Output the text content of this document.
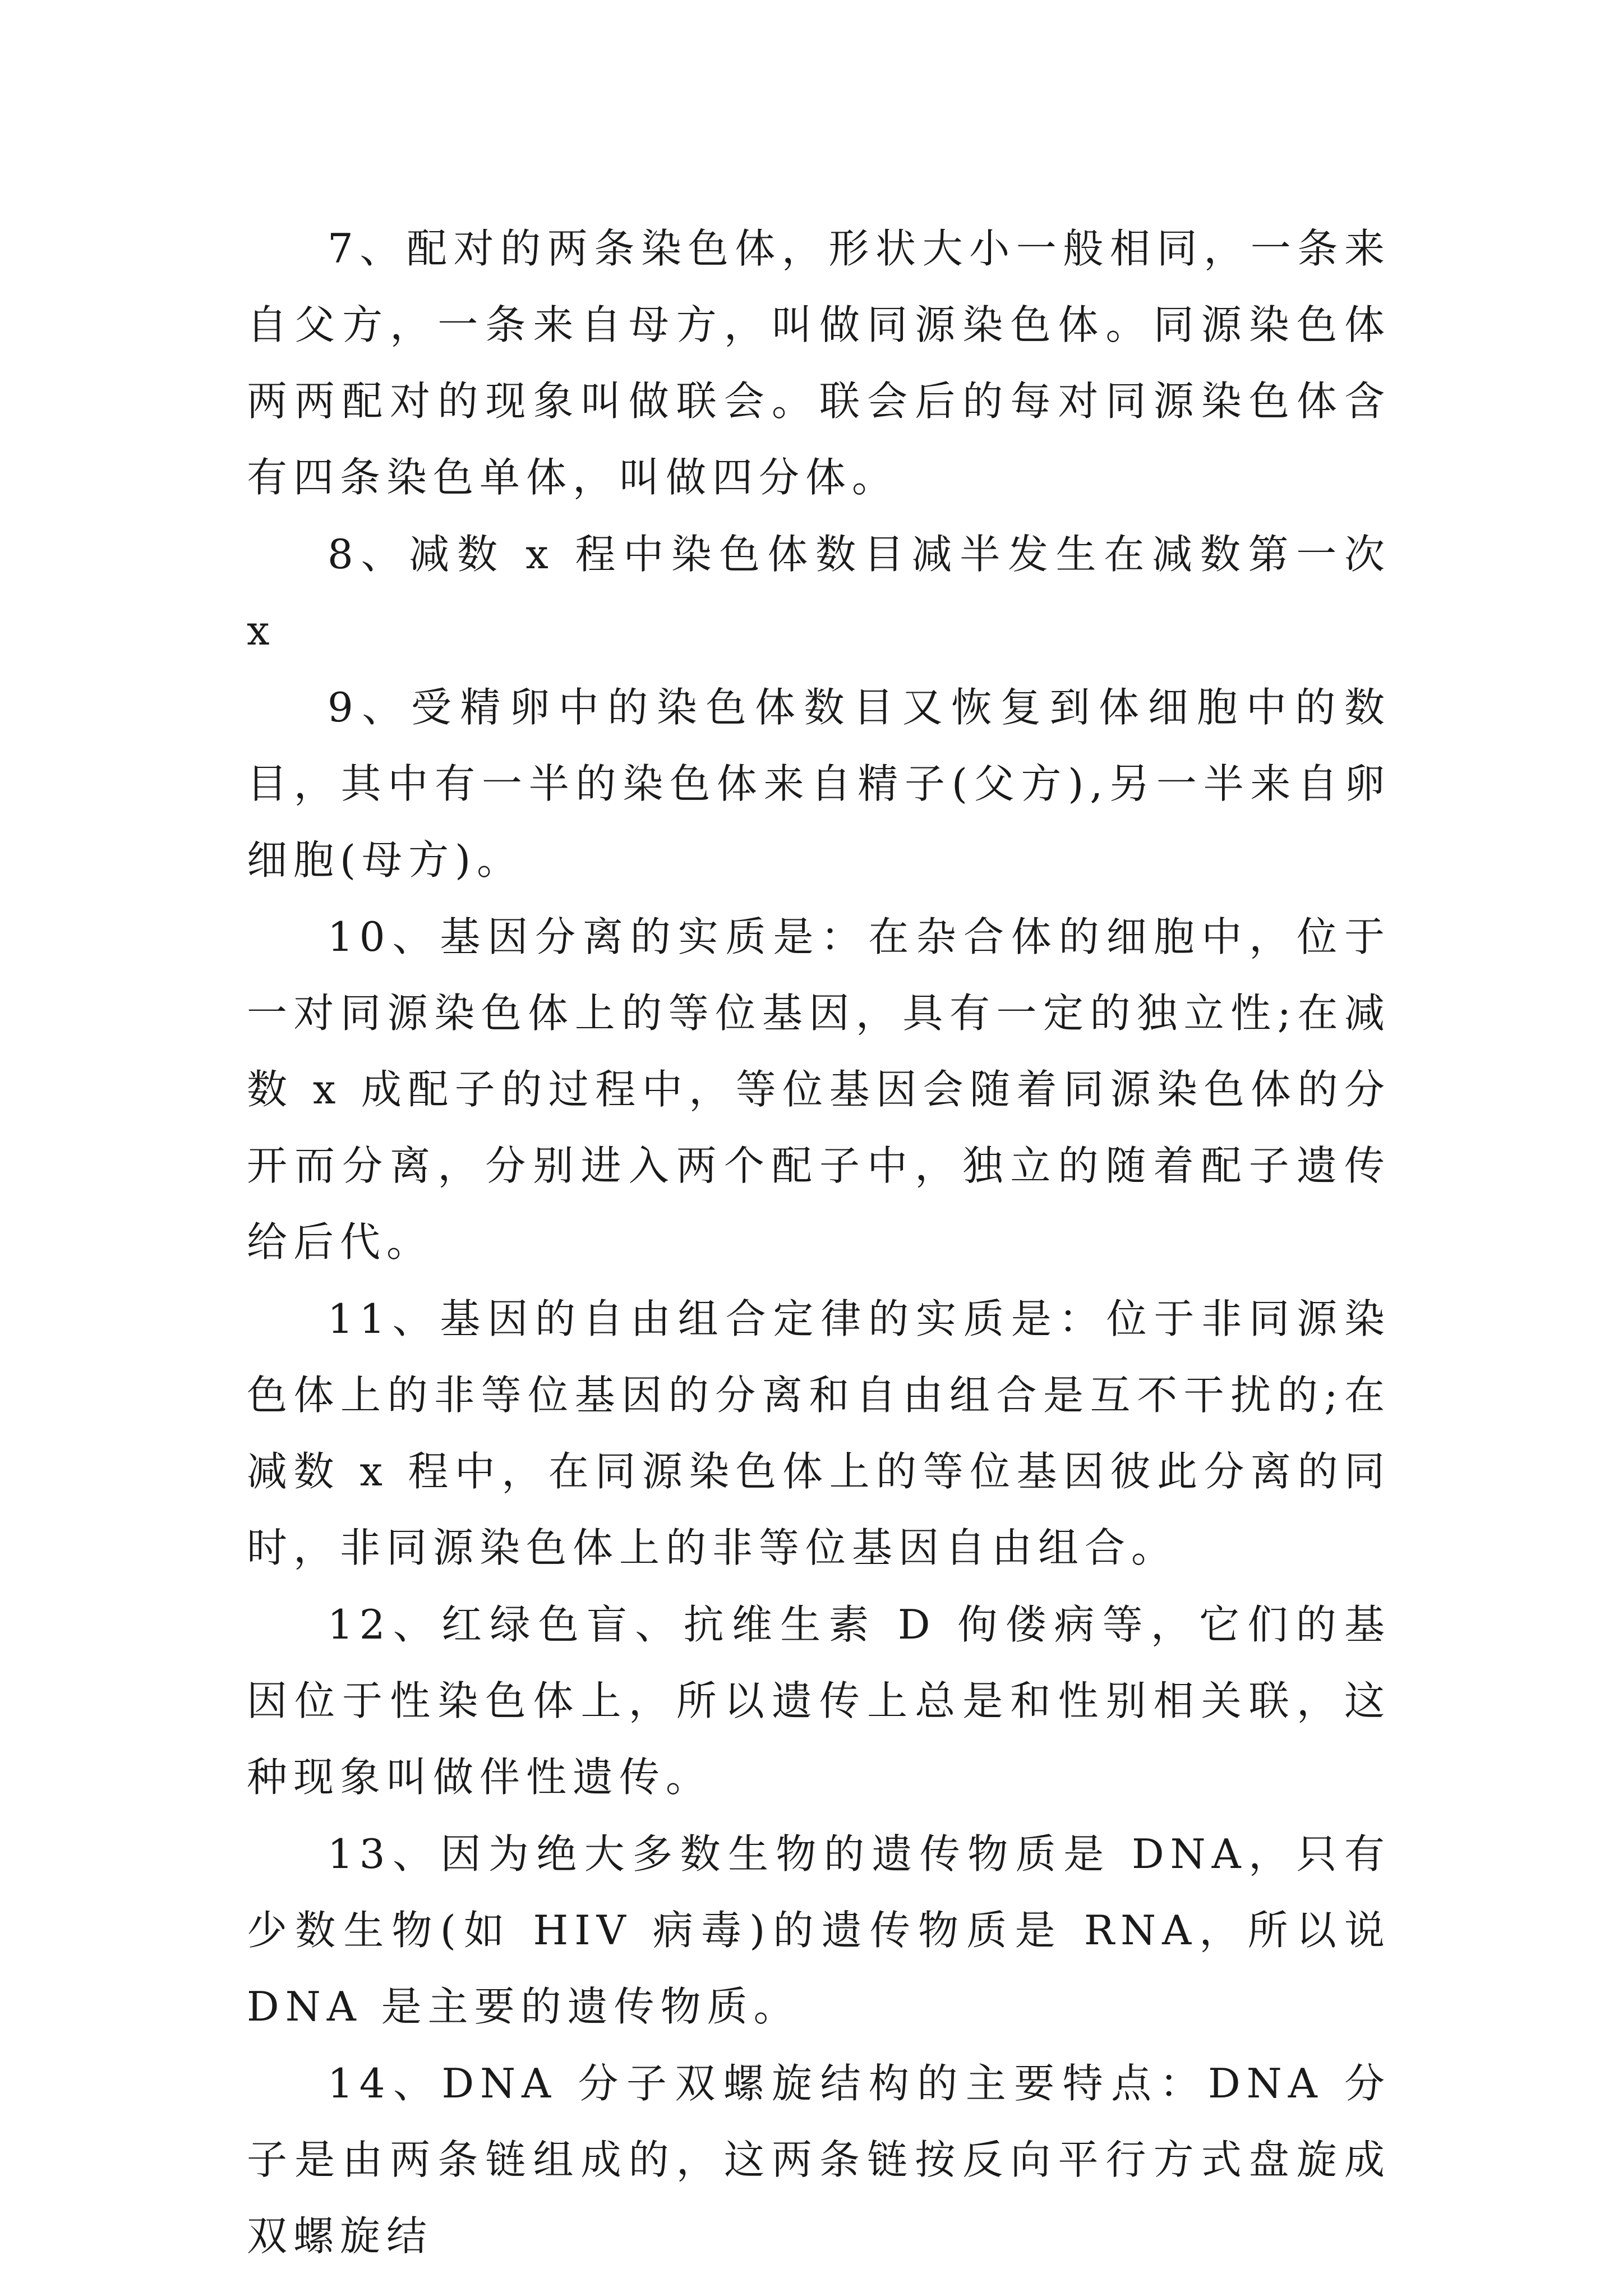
7、配对的两条染色体，形状大小一般相同，一条来自父方，一条来自母方，叫做同源染色体。同源染色体两两配对的现象叫做联会。联会后的每对同源染色体含有四条染色单体，叫做四分体。

8、减数 x 程中染色体数目减半发生在减数第一次 x

9、受精卵中的染色体数目又恢复到体细胞中的数目，其中有一半的染色体来自精子(父方),另一半来自卵细胞(母方)。

10、基因分离的实质是：在杂合体的细胞中，位于一对同源染色体上的等位基因，具有一定的独立性;在减数 x 成配子的过程中，等位基因会随着同源染色体的分开而分离，分别进入两个配子中，独立的随着配子遗传给后代。

11、基因的自由组合定律的实质是：位于非同源染色体上的非等位基因的分离和自由组合是互不干扰的;在减数 x 程中，在同源染色体上的等位基因彼此分离的同时，非同源染色体上的非等位基因自由组合。

12、红绿色盲、抗维生素 D 佝偻病等，它们的基因位于性染色体上，所以遗传上总是和性别相关联，这种现象叫做伴性遗传。

13、因为绝大多数生物的遗传物质是 DNA，只有少数生物(如 HIV 病毒)的遗传物质是 RNA，所以说 DNA 是主要的遗传物质。

14、DNA 分子双螺旋结构的主要特点：DNA 分子是由两条链组成的，这两条链按反向平行方式盘旋成双螺旋结
